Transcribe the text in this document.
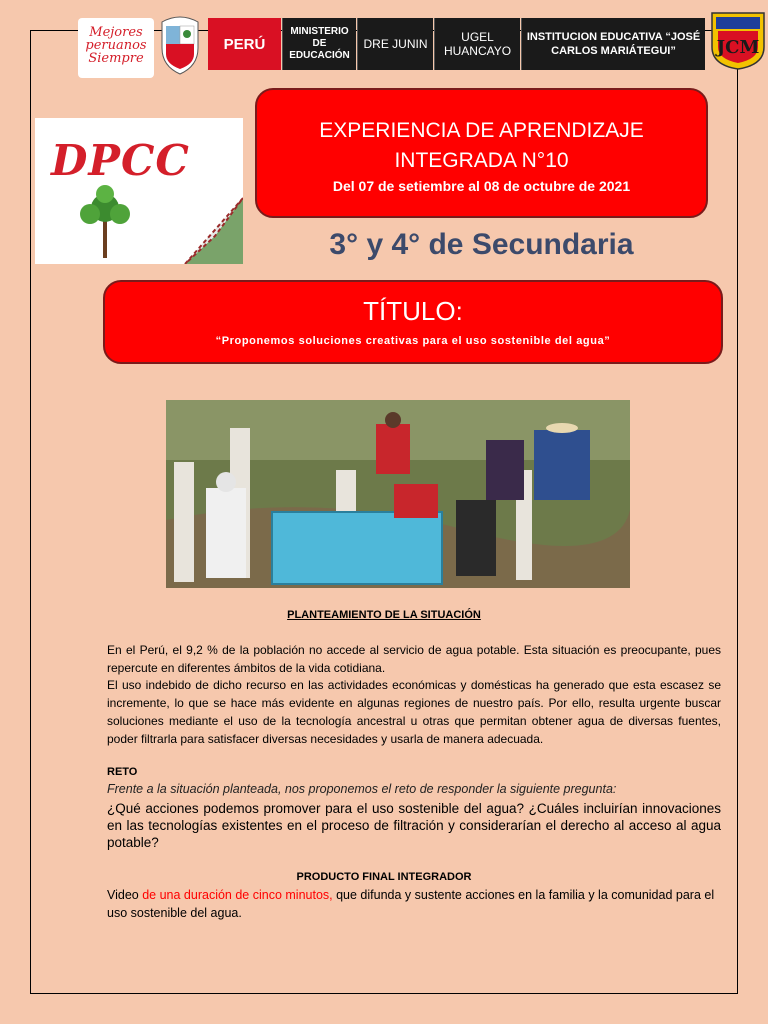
Mejores peruanos Siempre
PERÚ
MINISTERIO DE EDUCACIÓN
DRE JUNIN	UGEL HUANCAYO
INSTITUCION EDUCATIVA “JOSÉ CARLOS MARIÁTEGUI”	JCM
DPCC
EXPERIENCIA DE APRENDIZAJE
INTEGRADA N°10
Del 07 de setiembre al 08 de octubre de 2021
3° y 4° de Secundaria
TÍTULO:
“Proponemos soluciones creativas para el uso sostenible del agua”
PLANTEAMIENTO DE LA SITUACIÓN
En el Perú, el 9,2 % de la población no accede al servicio de agua potable. Esta situación es preocupante, pues repercute en diferentes ámbitos de la vida cotidiana.
El uso indebido de dicho recurso en las actividades económicas y domésticas ha generado que esta escasez se incremente, lo que se hace más evidente en algunas regiones de nuestro país. Por ello, resulta urgente buscar soluciones mediante el uso de la tecnología ancestral u otras que permitan obtener agua de diversas fuentes, poder filtrarla para satisfacer diversas necesidades y usarla de manera adecuada.
RETO
Frente a la situación planteada, nos proponemos el reto de responder la siguiente pregunta:
¿Qué acciones podemos promover para el uso sostenible del agua? ¿Cuáles incluirían innovaciones en las tecnologías existentes en el proceso de filtración y considerarían el derecho al acceso al agua potable?
PRODUCTO FINAL INTEGRADOR
Video de una duración de cinco minutos, que difunda y sustente acciones en la familia y la comunidad para el uso sostenible del agua.
